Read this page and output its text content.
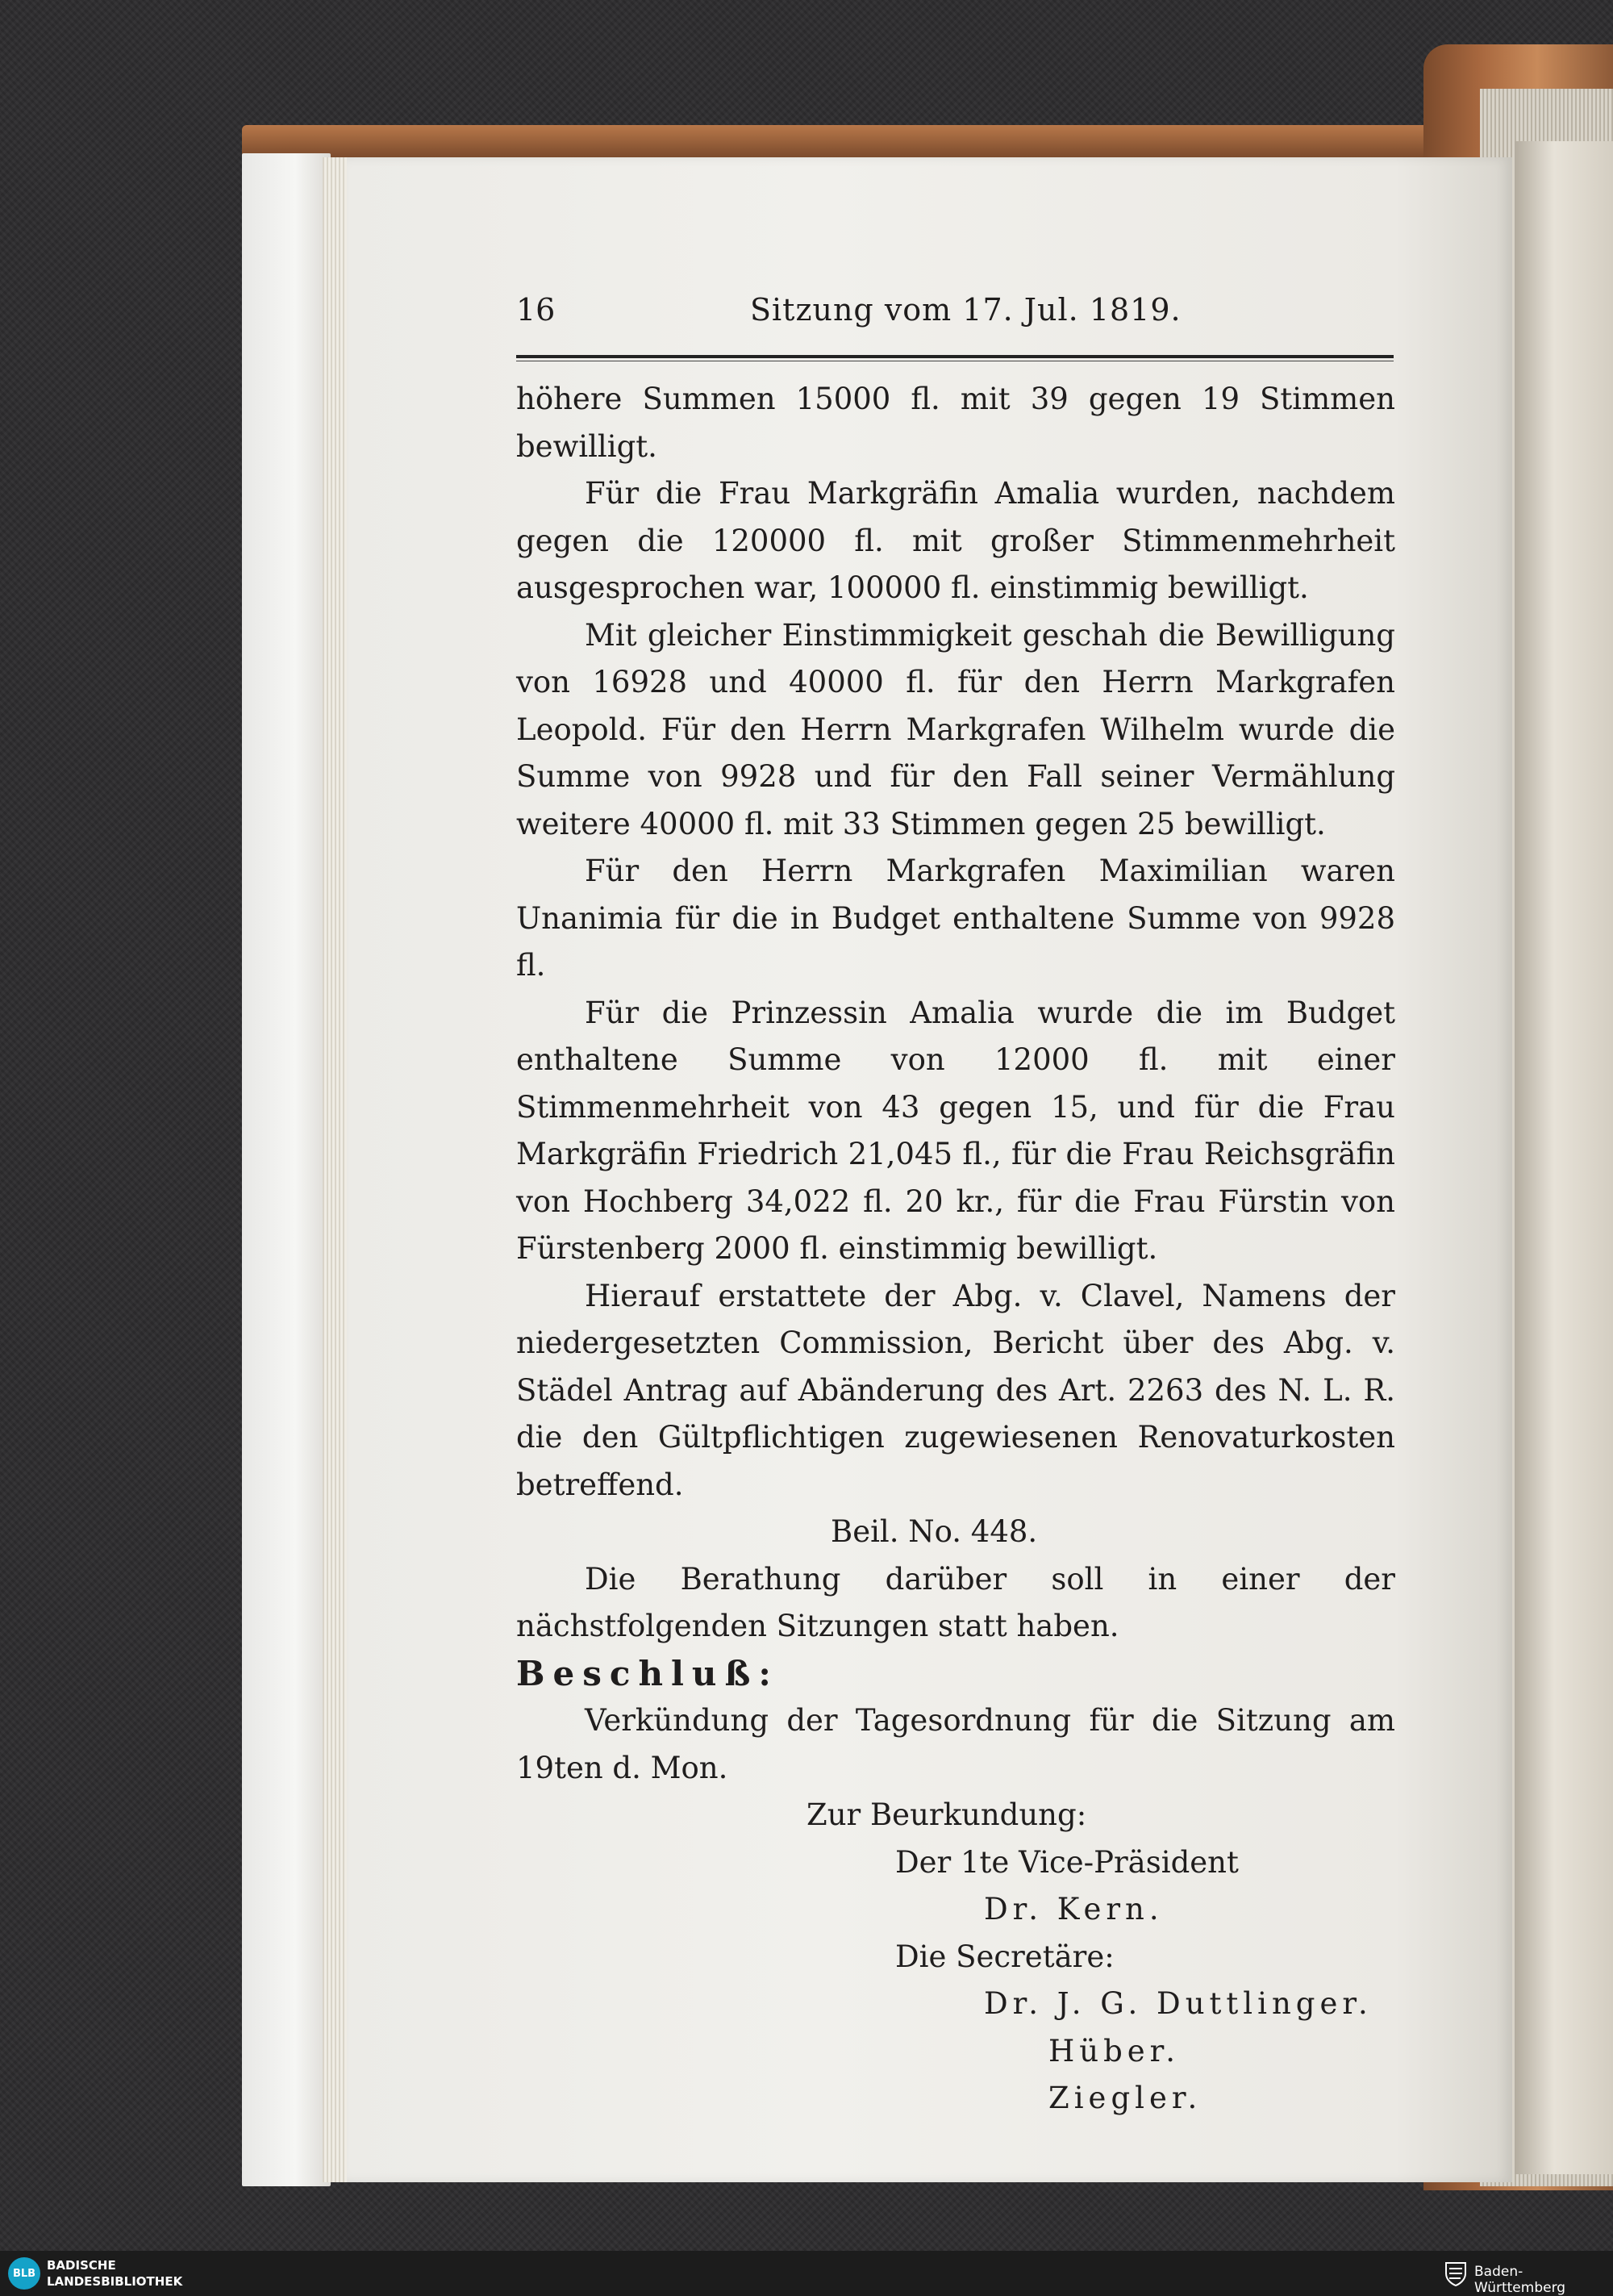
16	Sitzung vom 17. Jul. 1819.

höhere Summen 15000 fl. mit 39 gegen 19 Stimmen bewilligt.

Für die Frau Markgräfin Amalia wurden, nachdem gegen die 120000 fl. mit großer Stimmenmehrheit ausgesprochen war, 100000 fl. einstimmig bewilligt.

Mit gleicher Einstimmigkeit geschah die Bewilligung von 16928 und 40000 fl. für den Herrn Markgrafen Leopold. Für den Herrn Markgrafen Wilhelm wurde die Summe von 9928 und für den Fall seiner Vermählung weitere 40000 fl. mit 33 Stimmen gegen 25 bewilligt.

Für den Herrn Markgrafen Maximilian waren Unanimia für die in Budget enthaltene Summe von 9928 fl.

Für die Prinzessin Amalia wurde die im Budget enthaltene Summe von 12000 fl. mit einer Stimmenmehrheit von 43 gegen 15, und für die Frau Markgräfin Friedrich 21,045 fl., für die Frau Reichsgräfin von Hochberg 34,022 fl. 20 kr., für die Frau Fürstin von Fürstenberg 2000 fl. einstimmig bewilligt.

Hierauf erstattete der Abg. v. Clavel, Namens der niedergesetzten Commission, Bericht über des Abg. v. Städel Antrag auf Abänderung des Art. 2263 des N. L. R. die den Gültpflichtigen zugewiesenen Renovaturkosten betreffend.

Beil. No. 448.

Die Berathung darüber soll in einer der nächstfolgenden Sitzungen statt haben.

Beschluß:

Verkündung der Tagesordnung für die Sitzung am 19ten d. Mon.

Zur Beurkundung:
Der 1te Vice-Präsident
Dr. Kern.
Die Secretäre:
Dr. J. G. Duttlinger.
Hüber.
Ziegler.
BLB
BADISCHE
LANDESBIBLIOTHEK
Baden-Württemberg
